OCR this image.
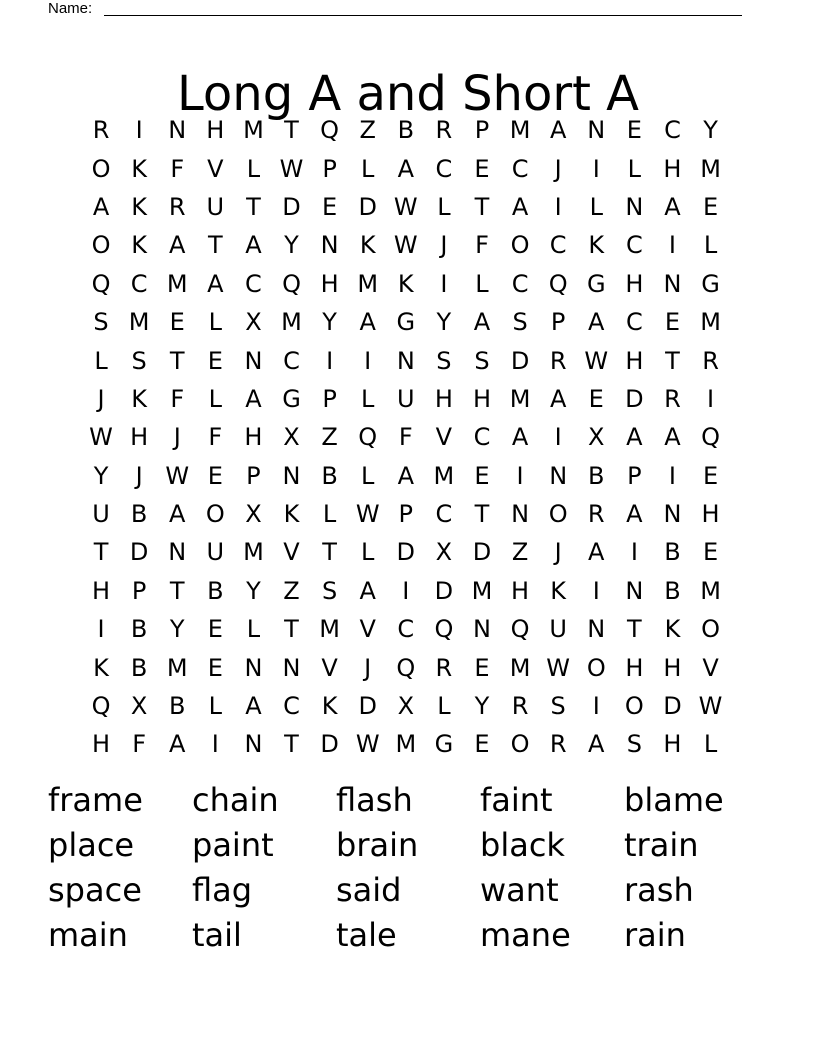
Name:
Long A and Short A
R	I	N H M T Q Z B R P M A N E C Y
O K F V L W P	L A C E C	J	I	L H M
A K R U T D E D W L	T A	I	L N A E
O K A T A Y N K W J	F O C K C	I	L
Q C M A C Q H M K	I	L C Q G H N G
S M E L X M Y A G Y A S P A C E M
L S T E N C	I	I	N S S D R W H T R
J	K F	L A G P	L U H H M A E D R	I
W H	J	F H X Z Q F V C A	I	X A A Q
Y	J W E P N B L A M E	I	N B P	I	E
U B A O X K L W P C T N O R A N H
T D N U M V T	L D X D Z	J	A	I	B E
H P T B Y Z S A	I	D M H K	I	N B M
I	B Y E L	T M V C Q N Q U N T K O
K B M E N N V	J	Q R E M W O H H V
Q X B L A C K D X L	Y R S	I	O D W
H F A	I	N T D W M G E O R A S H L
frame	chain	flash	faint	blame
place	paint	brain	black	train
space	flag	said	want	rash
main	tail	tale	mane	rain
